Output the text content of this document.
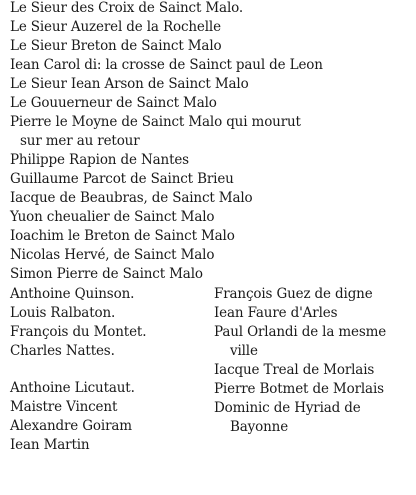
Le Sieur des Croix de Sainct Malo.
Le Sieur Auzerel de la Rochelle
Le Sieur Breton de Sainct Malo
Iean Carol di: la crosse de Sainct paul de Leon
Le Sieur Iean Arson de Sainct Malo
Le Gouuerneur de Sainct Malo
Pierre le Moyne de Sainct Malo qui mourut
sur mer au retour
Philippe Rapion de Nantes
Guillaume Parcot de Sainct Brieu
Iacque de Beaubras, de Sainct Malo
Yuon cheualier de Sainct Malo
Ioachim le Breton de Sainct Malo
Nicolas Hervé, de Sainct Malo
Simon Pierre de Sainct Malo
Anthoine Quinson.
Louis Ralbaton.
François du Montet.
Charles Nattes.
Anthoine Licutaut.
Maistre Vincent
Alexandre Goiram
Iean Martin
François Guez de digne
Iean Faure d'Arles
Paul Orlandi de la mesme
ville
Iacque Treal de Morlais
Pierre Botmet de Morlais
Dominic de Hyriad de
Bayonne
